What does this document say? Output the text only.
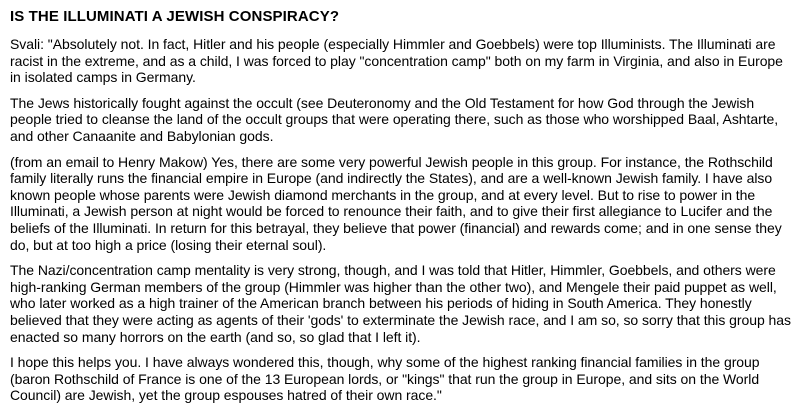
IS THE ILLUMINATI A JEWISH CONSPIRACY?

Svali: "Absolutely not. In fact, Hitler and his people (especially Himmler and Goebbels) were top Illuminists. The Illuminati are racist in the extreme, and as a child, I was forced to play "concentration camp" both on my farm in Virginia, and also in Europe in isolated camps in Germany.

The Jews historically fought against the occult (see Deuteronomy and the Old Testament for how God through the Jewish people tried to cleanse the land of the occult groups that were operating there, such as those who worshipped Baal, Ashtarte, and other Canaanite and Babylonian gods.

(from an email to Henry Makow) Yes, there are some very powerful Jewish people in this group. For instance, the Rothschild family literally runs the financial empire in Europe (and indirectly the States), and are a well-known Jewish family. I have also known people whose parents were Jewish diamond merchants in the group, and at every level. But to rise to power in the Illuminati, a Jewish person at night would be forced to renounce their faith, and to give their first allegiance to Lucifer and the beliefs of the Illuminati. In return for this betrayal, they believe that power (financial) and rewards come; and in one sense they do, but at too high a price (losing their eternal soul).

The Nazi/concentration camp mentality is very strong, though, and I was told that Hitler, Himmler, Goebbels, and others were high-ranking German members of the group (Himmler was higher than the other two), and Mengele their paid puppet as well, who later worked as a high trainer of the American branch between his periods of hiding in South America. They honestly believed that they were acting as agents of their 'gods' to exterminate the Jewish race, and I am so, so sorry that this group has enacted so many horrors on the earth (and so, so glad that I left it).

I hope this helps you. I have always wondered this, though, why some of the highest ranking financial families in the group (baron Rothschild of France is one of the 13 European lords, or "kings" that run the group in Europe, and sits on the World Council) are Jewish, yet the group espouses hatred of their own race."
